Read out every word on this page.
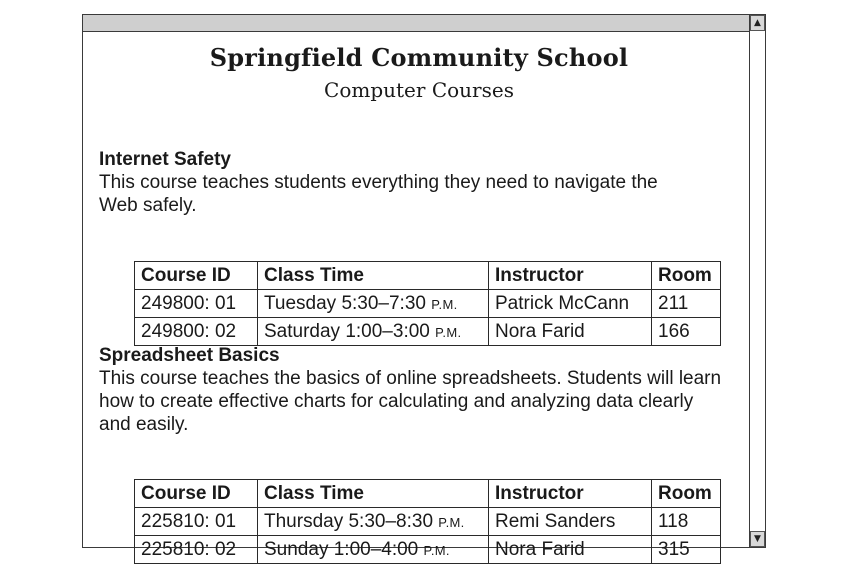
▲
▼
Springfield Community School
Computer Courses

Internet Safety

This course teaches students everything they need to navigate the
Web safely.

Course ID	Class Time	Instructor	Room
249800: 01	Tuesday 5:30–7:30 P.M.	Patrick McCann	211
249800: 02	Saturday 1:00–3:00 P.M.	Nora Farid	166

Spreadsheet Basics

This course teaches the basics of online spreadsheets. Students will learn
how to create effective charts for calculating and analyzing data clearly
and easily.

Course ID	Class Time	Instructor	Room
225810: 01	Thursday 5:30–8:30 P.M.	Remi Sanders	118
225810: 02	Sunday 1:00–4:00 P.M.	Nora Farid	315
